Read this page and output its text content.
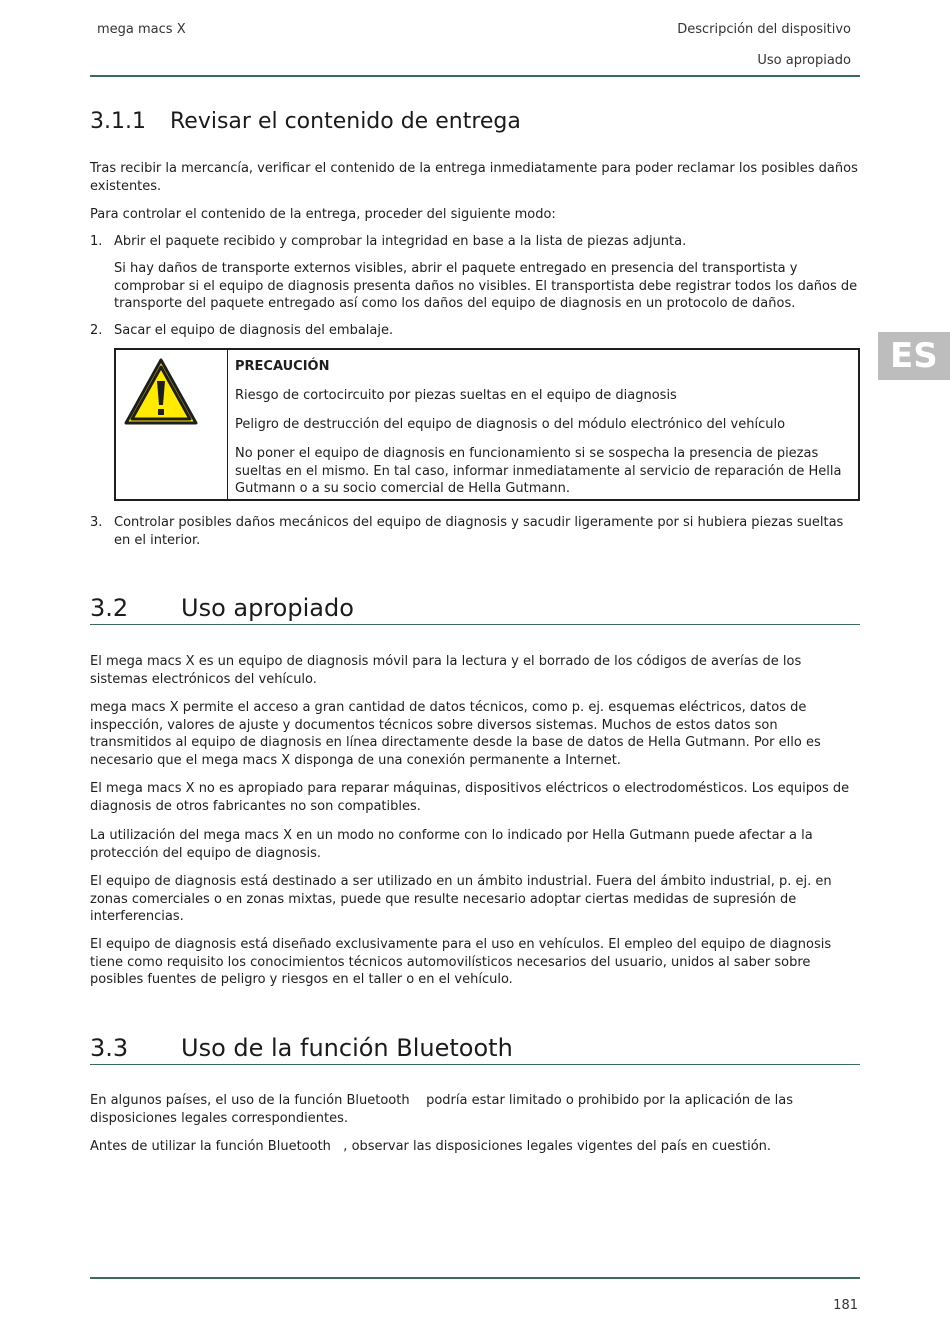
mega macs X	Descripción del dispositivo
Uso apropiado
ES
3.1.1 Revisar el contenido de entrega

Tras recibir la mercancía, verificar el contenido de la entrega inmediatamente para poder reclamar los posibles daños existentes.

Para controlar el contenido de la entrega, proceder del siguiente modo:

1. Abrir el paquete recibido y comprobar la integridad en base a la lista de piezas adjunta.

Si hay daños de transporte externos visibles, abrir el paquete entregado en presencia del transportista y comprobar si el equipo de diagnosis presenta daños no visibles. El transportista debe registrar todos los daños de transporte del paquete entregado así como los daños del equipo de diagnosis en un protocolo de daños.

2. Sacar el equipo de diagnosis del embalaje.

PRECAUCIÓN

Riesgo de cortocircuito por piezas sueltas en el equipo de diagnosis

Peligro de destrucción del equipo de diagnosis o del módulo electrónico del vehículo

No poner el equipo de diagnosis en funcionamiento si se sospecha la presencia de piezas sueltas en el mismo. En tal caso, informar inmediatamente al servicio de reparación de Hella Gutmann o a su socio comercial de Hella Gutmann.

3. Controlar posibles daños mecánicos del equipo de diagnosis y sacudir ligeramente por si hubiera piezas sueltas en el interior.
3.2 Uso apropiado

El mega macs X es un equipo de diagnosis móvil para la lectura y el borrado de los códigos de averías de los sistemas electrónicos del vehículo.

mega macs X permite el acceso a gran cantidad de datos técnicos, como p. ej. esquemas eléctricos, datos de inspección, valores de ajuste y documentos técnicos sobre diversos sistemas. Muchos de estos datos son transmitidos al equipo de diagnosis en línea directamente desde la base de datos de Hella Gutmann. Por ello es necesario que el mega macs X disponga de una conexión permanente a Internet.

El mega macs X no es apropiado para reparar máquinas, dispositivos eléctricos o electrodomésticos. Los equipos de diagnosis de otros fabricantes no son compatibles.

La utilización del mega macs X en un modo no conforme con lo indicado por Hella Gutmann puede afectar a la protección del equipo de diagnosis.

El equipo de diagnosis está destinado a ser utilizado en un ámbito industrial. Fuera del ámbito industrial, p. ej. en zonas comerciales o en zonas mixtas, puede que resulte necesario adoptar ciertas medidas de supresión de interferencias.

El equipo de diagnosis está diseñado exclusivamente para el uso en vehículos. El empleo del equipo de diagnosis tiene como requisito los conocimientos técnicos automovilísticos necesarios del usuario, unidos al saber sobre posibles fuentes de peligro y riesgos en el taller o en el vehículo.

3.3 Uso de la función Bluetooth

En algunos países, el uso de la función Bluetooth    podría estar limitado o prohibido por la aplicación de las disposiciones legales correspondientes.

Antes de utilizar la función Bluetooth   , observar las disposiciones legales vigentes del país en cuestión.

181
